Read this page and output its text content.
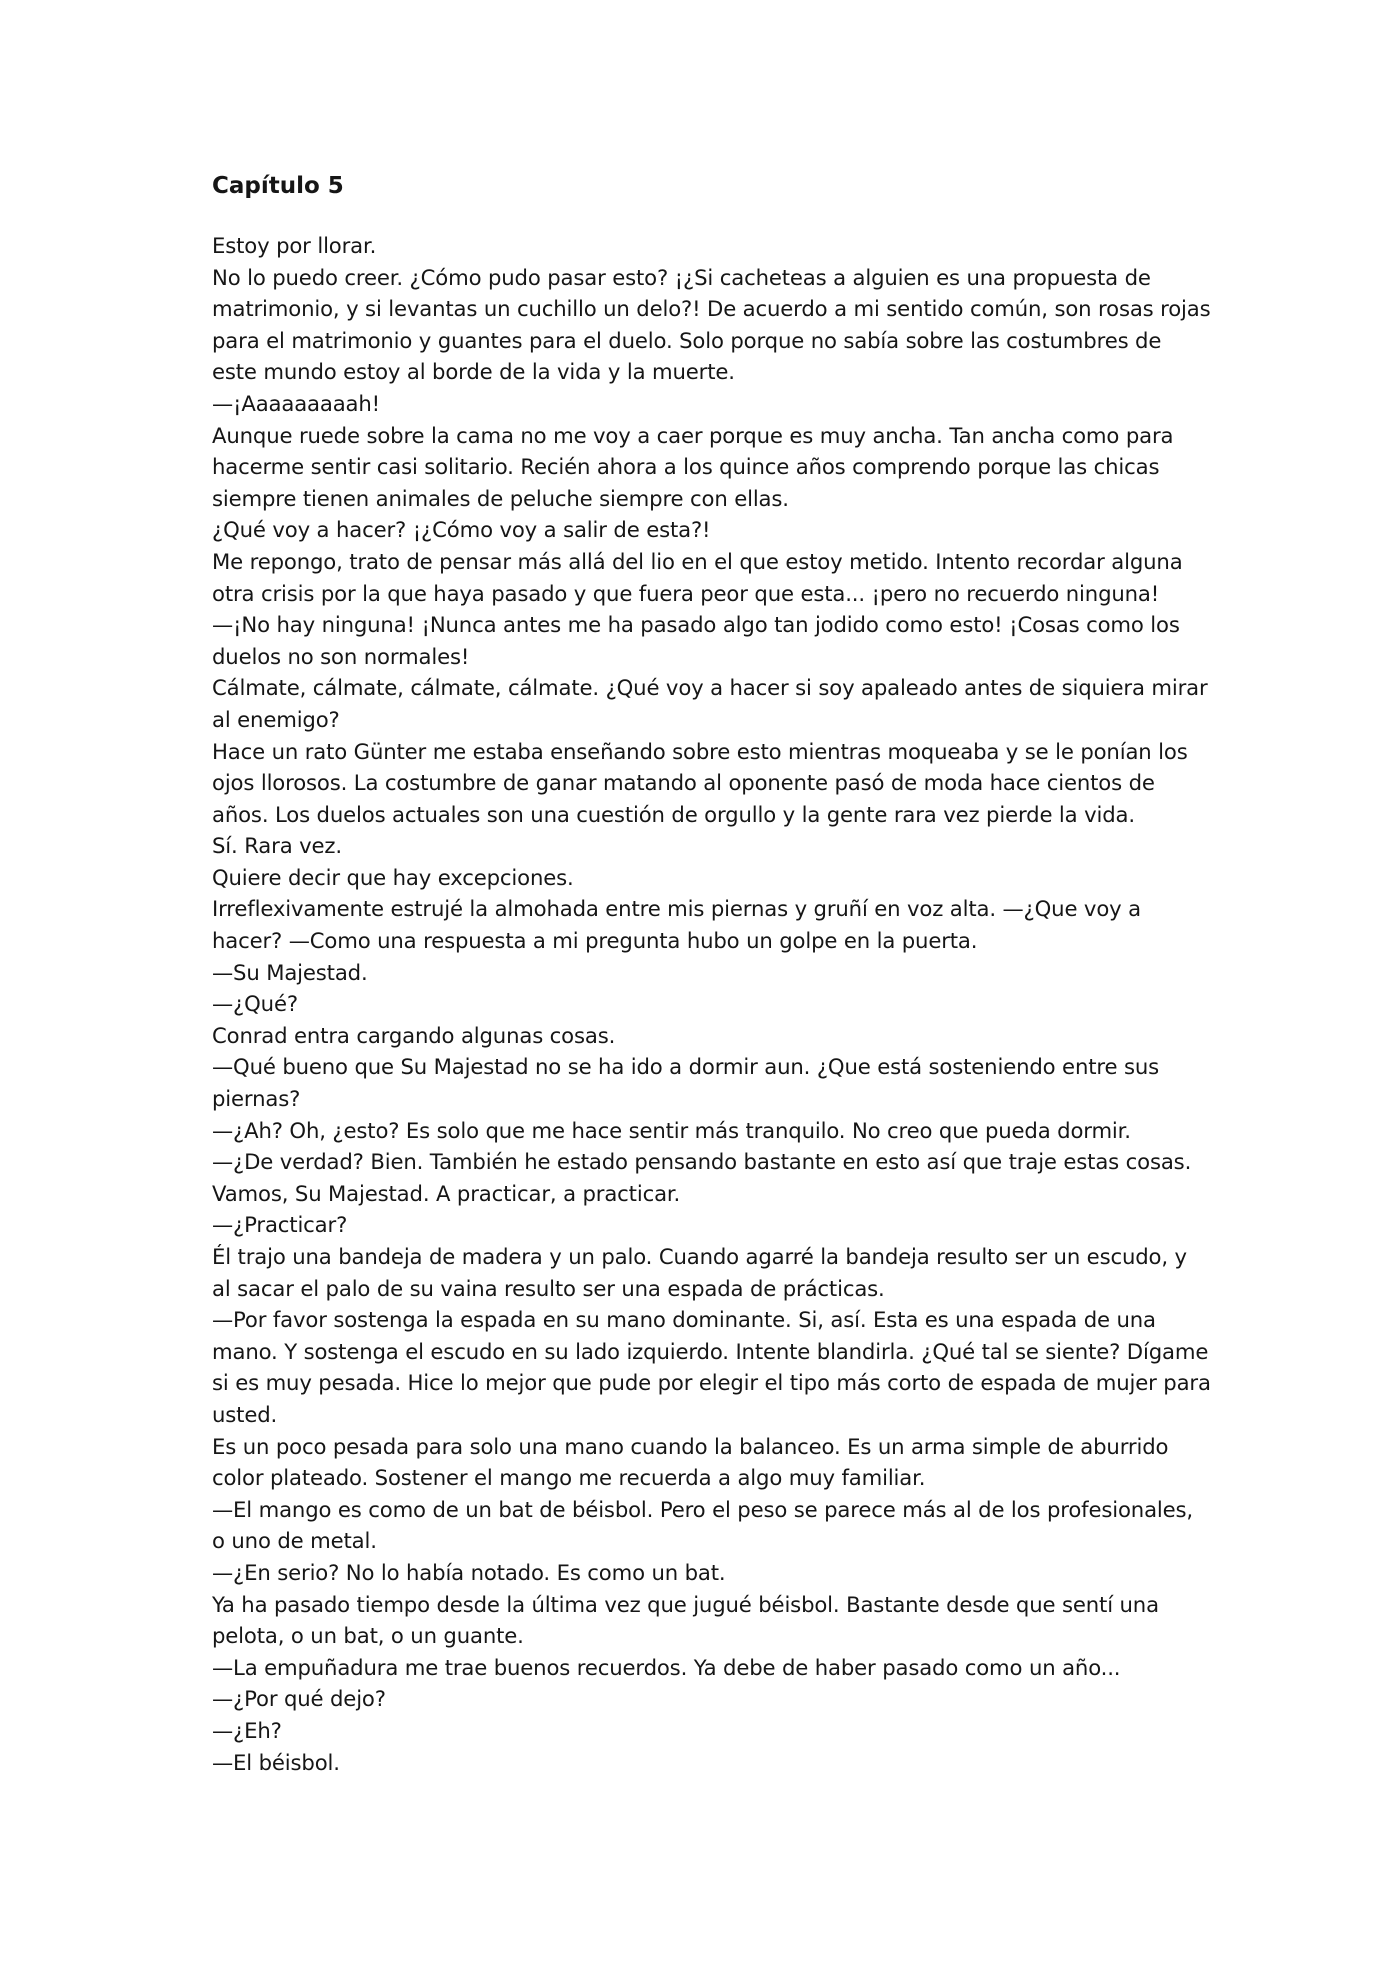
Capítulo 5

Estoy por llorar.

No lo puedo creer. ¿Cómo pudo pasar esto? ¡¿Si cacheteas a alguien es una propuesta de matrimonio, y si levantas un cuchillo un delo?! De acuerdo a mi sentido común, son rosas rojas para el matrimonio y guantes para el duelo. Solo porque no sabía sobre las costumbres de este mundo estoy al borde de la vida y la muerte.

—¡Aaaaaaaaah!

Aunque ruede sobre la cama no me voy a caer porque es muy ancha. Tan ancha como para hacerme sentir casi solitario. Recién ahora a los quince años comprendo porque las chicas siempre tienen animales de peluche siempre con ellas.

¿Qué voy a hacer? ¡¿Cómo voy a salir de esta?!

Me repongo, trato de pensar más allá del lio en el que estoy metido. Intento recordar alguna otra crisis por la que haya pasado y que fuera peor que esta... ¡pero no recuerdo ninguna!

—¡No hay ninguna! ¡Nunca antes me ha pasado algo tan jodido como esto! ¡Cosas como los duelos no son normales!

Cálmate, cálmate, cálmate, cálmate. ¿Qué voy a hacer si soy apaleado antes de siquiera mirar al enemigo?

Hace un rato Günter me estaba enseñando sobre esto mientras moqueaba y se le ponían los ojos llorosos. La costumbre de ganar matando al oponente pasó de moda hace cientos de años. Los duelos actuales son una cuestión de orgullo y la gente rara vez pierde la vida.

Sí. Rara vez.

Quiere decir que hay excepciones.

Irreflexivamente estrujé la almohada entre mis piernas y gruñí en voz alta. —¿Que voy a hacer? —Como una respuesta a mi pregunta hubo un golpe en la puerta.

—Su Majestad.

—¿Qué?

Conrad entra cargando algunas cosas.

—Qué bueno que Su Majestad no se ha ido a dormir aun. ¿Que está sosteniendo entre sus piernas?

—¿Ah? Oh, ¿esto? Es solo que me hace sentir más tranquilo. No creo que pueda dormir.

—¿De verdad? Bien. También he estado pensando bastante en esto así que traje estas cosas. Vamos, Su Majestad. A practicar, a practicar.

—¿Practicar?

Él trajo una bandeja de madera y un palo. Cuando agarré la bandeja resulto ser un escudo, y al sacar el palo de su vaina resulto ser una espada de prácticas.

—Por favor sostenga la espada en su mano dominante. Si, así. Esta es una espada de una mano. Y sostenga el escudo en su lado izquierdo. Intente blandirla. ¿Qué tal se siente? Dígame si es muy pesada. Hice lo mejor que pude por elegir el tipo más corto de espada de mujer para usted.

Es un poco pesada para solo una mano cuando la balanceo. Es un arma simple de aburrido color plateado. Sostener el mango me recuerda a algo muy familiar.

—El mango es como de un bat de béisbol. Pero el peso se parece más al de los profesionales, o uno de metal.

—¿En serio? No lo había notado. Es como un bat.

Ya ha pasado tiempo desde la última vez que jugué béisbol. Bastante desde que sentí una pelota, o un bat, o un guante.

—La empuñadura me trae buenos recuerdos. Ya debe de haber pasado como un año...

—¿Por qué dejo?

—¿Eh?

—El béisbol.
